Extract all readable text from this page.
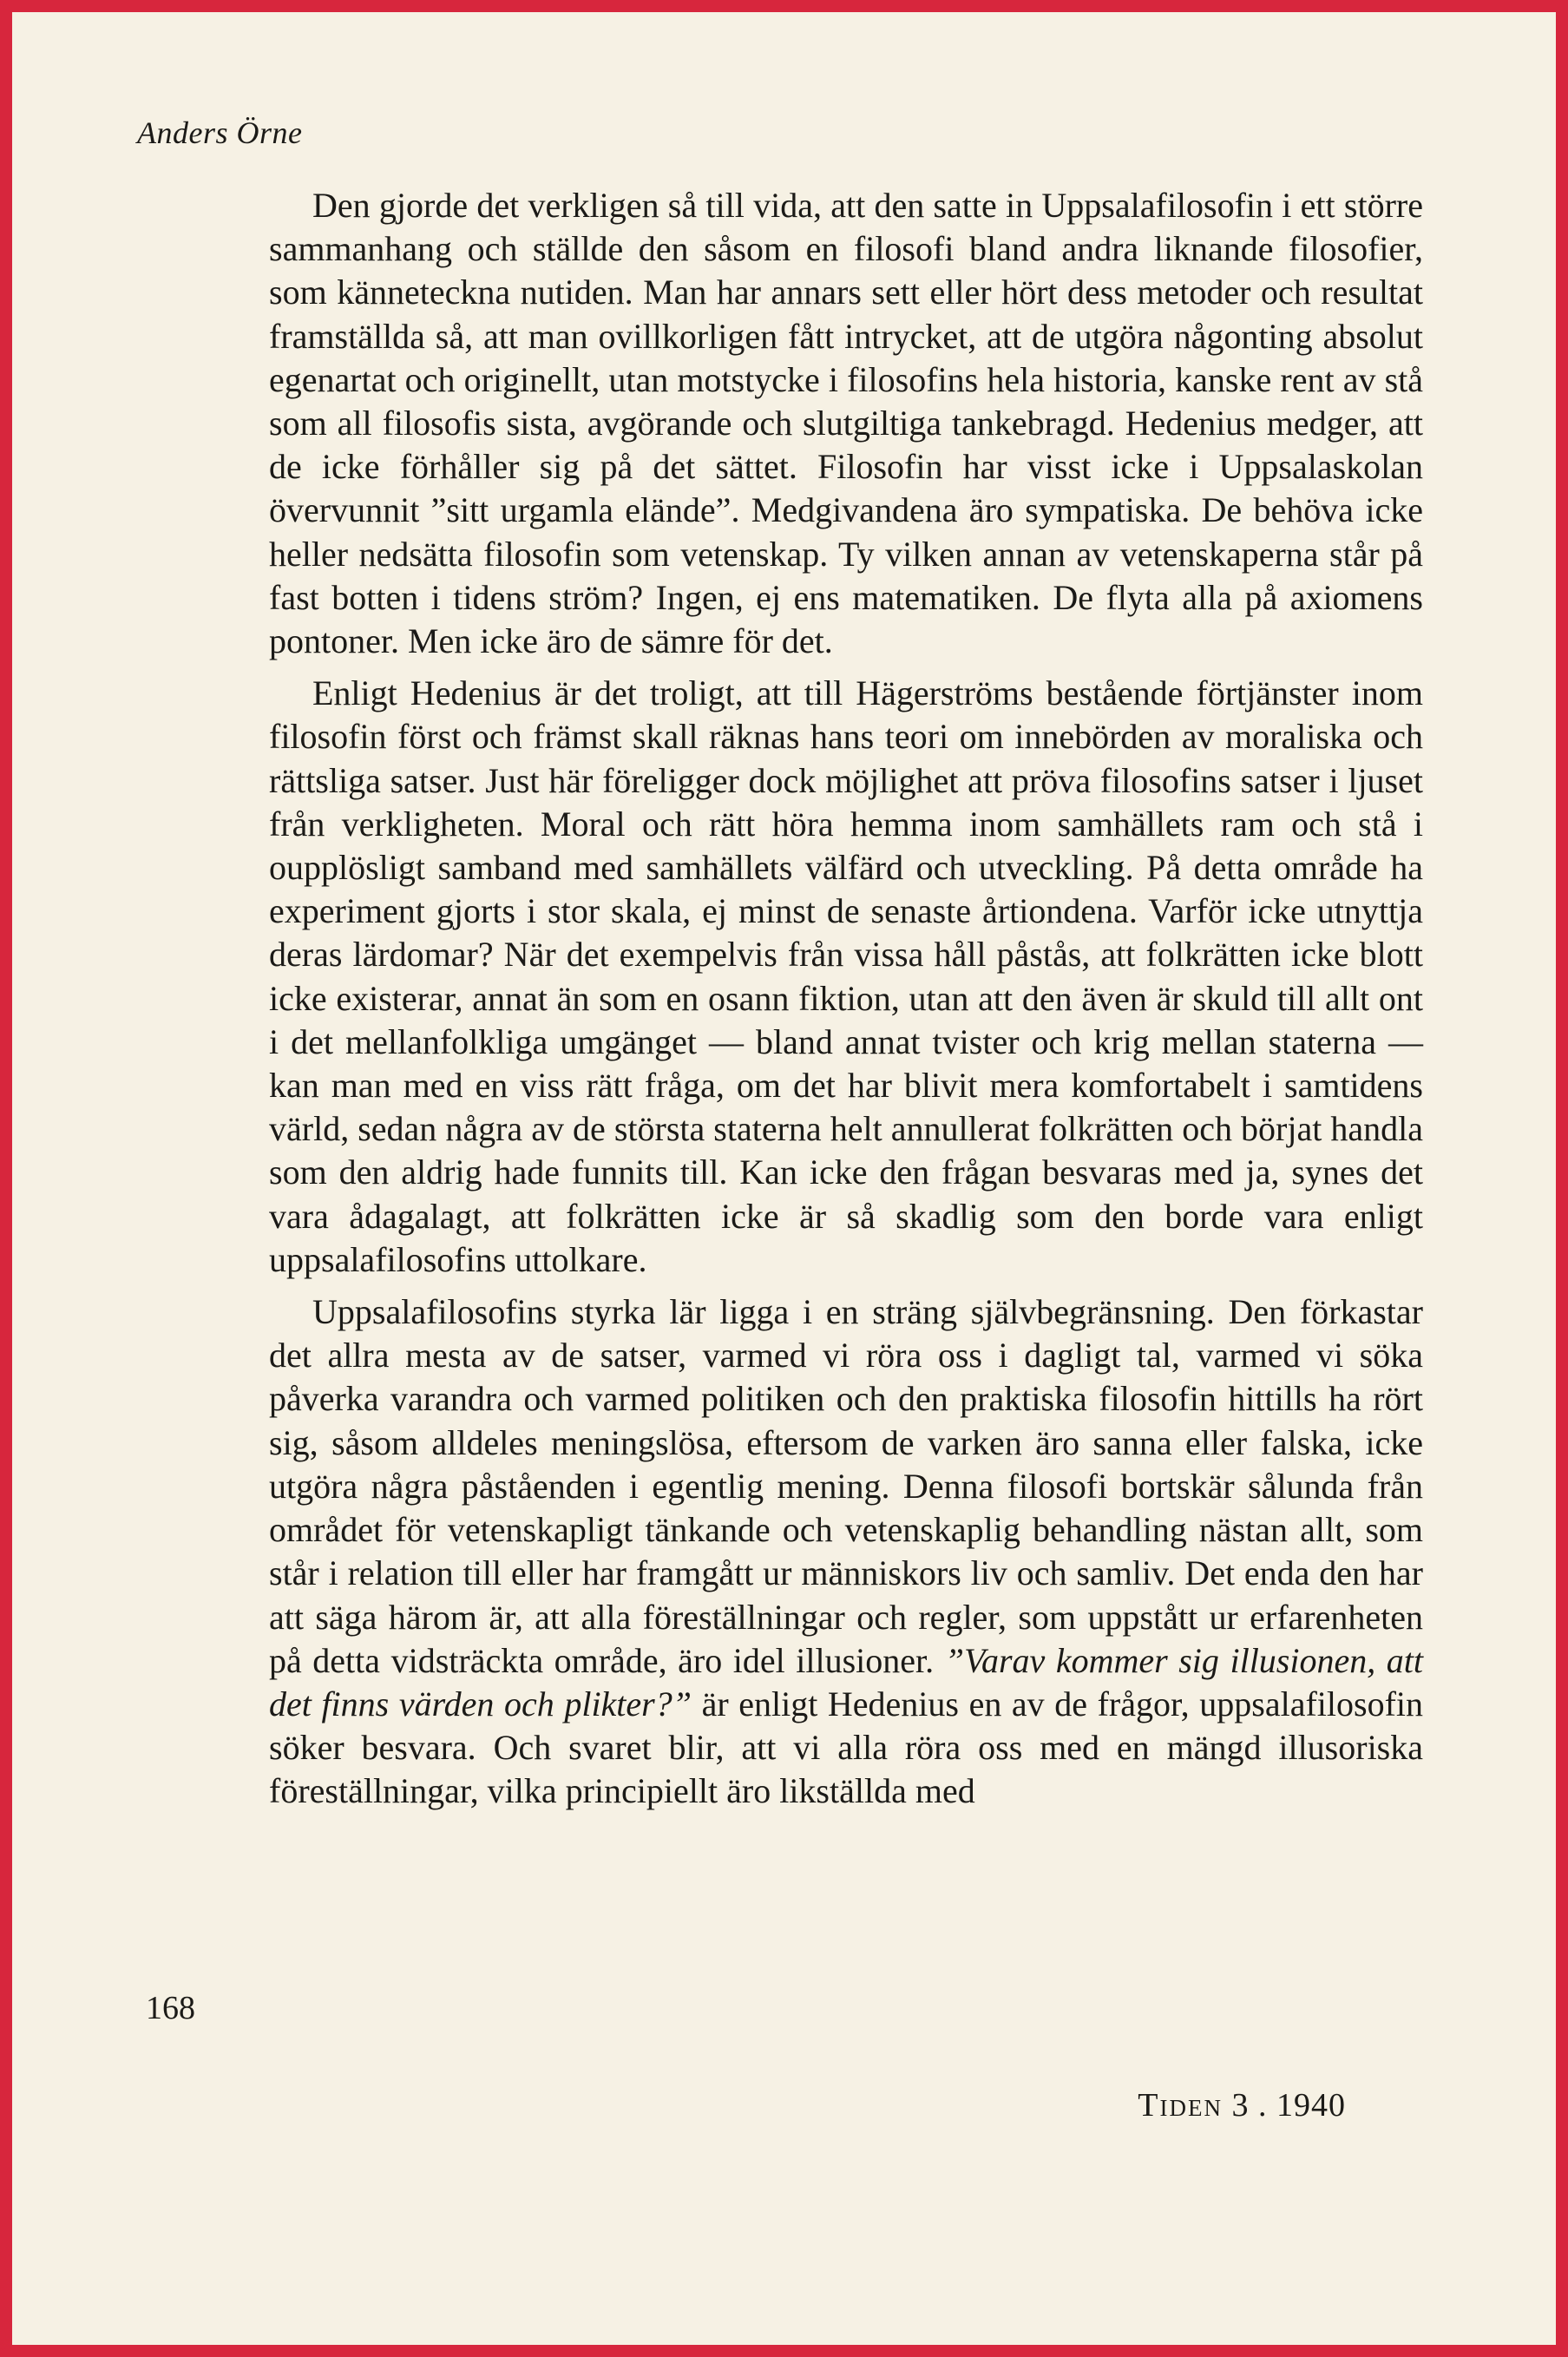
Anders Örne

Den gjorde det verkligen så till vida, att den satte in Uppsalafilosofin i ett större sammanhang och ställde den såsom en filosofi bland andra liknande filosofier, som känneteckna nutiden. Man har annars sett eller hört dess metoder och resultat framställda så, att man ovillkorligen fått intrycket, att de utgöra någonting absolut egenartat och originellt, utan motstycke i filosofins hela historia, kanske rent av stå som all filosofis sista, avgörande och slutgiltiga tankebragd. Hedenius medger, att de icke förhåller sig på det sättet. Filosofin har visst icke i Uppsalaskolan övervunnit ”sitt urgamla elände”. Medgivandena äro sympatiska. De behöva icke heller nedsätta filosofin som vetenskap. Ty vilken annan av vetenskaperna står på fast botten i tidens ström? Ingen, ej ens matematiken. De flyta alla på axiomens pontoner. Men icke äro de sämre för det.

Enligt Hedenius är det troligt, att till Hägerströms bestående förtjänster inom filosofin först och främst skall räknas hans teori om innebörden av moraliska och rättsliga satser. Just här föreligger dock möjlighet att pröva filosofins satser i ljuset från verkligheten. Moral och rätt höra hemma inom samhällets ram och stå i oupplösligt samband med samhällets välfärd och utveckling. På detta område ha experiment gjorts i stor skala, ej minst de senaste årtiondena. Varför icke utnyttja deras lärdomar? När det exempelvis från vissa håll påstås, att folkrätten icke blott icke existerar, annat än som en osann fiktion, utan att den även är skuld till allt ont i det mellanfolkliga umgänget — bland annat tvister och krig mellan staterna — kan man med en viss rätt fråga, om det har blivit mera komfortabelt i samtidens värld, sedan några av de största staterna helt annullerat folkrätten och börjat handla som den aldrig hade funnits till. Kan icke den frågan besvaras med ja, synes det vara ådagalagt, att folkrätten icke är så skadlig som den borde vara enligt uppsalafilosofins uttolkare.

Uppsalafilosofins styrka lär ligga i en sträng självbegränsning. Den förkastar det allra mesta av de satser, varmed vi röra oss i dagligt tal, varmed vi söka påverka varandra och varmed politiken och den praktiska filosofin hittills ha rört sig, såsom alldeles meningslösa, eftersom de varken äro sanna eller falska, icke utgöra några påståenden i egentlig mening. Denna filosofi bortskär sålunda från området för vetenskapligt tänkande och vetenskaplig behandling nästan allt, som står i relation till eller har framgått ur människors liv och samliv. Det enda den har att säga härom är, att alla föreställningar och regler, som uppstått ur erfarenheten på detta vidsträckta område, äro idel illusioner. ”Varav kommer sig illusionen, att det finns värden och plikter?” är enligt Hedenius en av de frågor, uppsalafilosofin söker besvara. Och svaret blir, att vi alla röra oss med en mängd illusoriska föreställningar, vilka principiellt äro likställda med

168

Tiden 3 . 1940
